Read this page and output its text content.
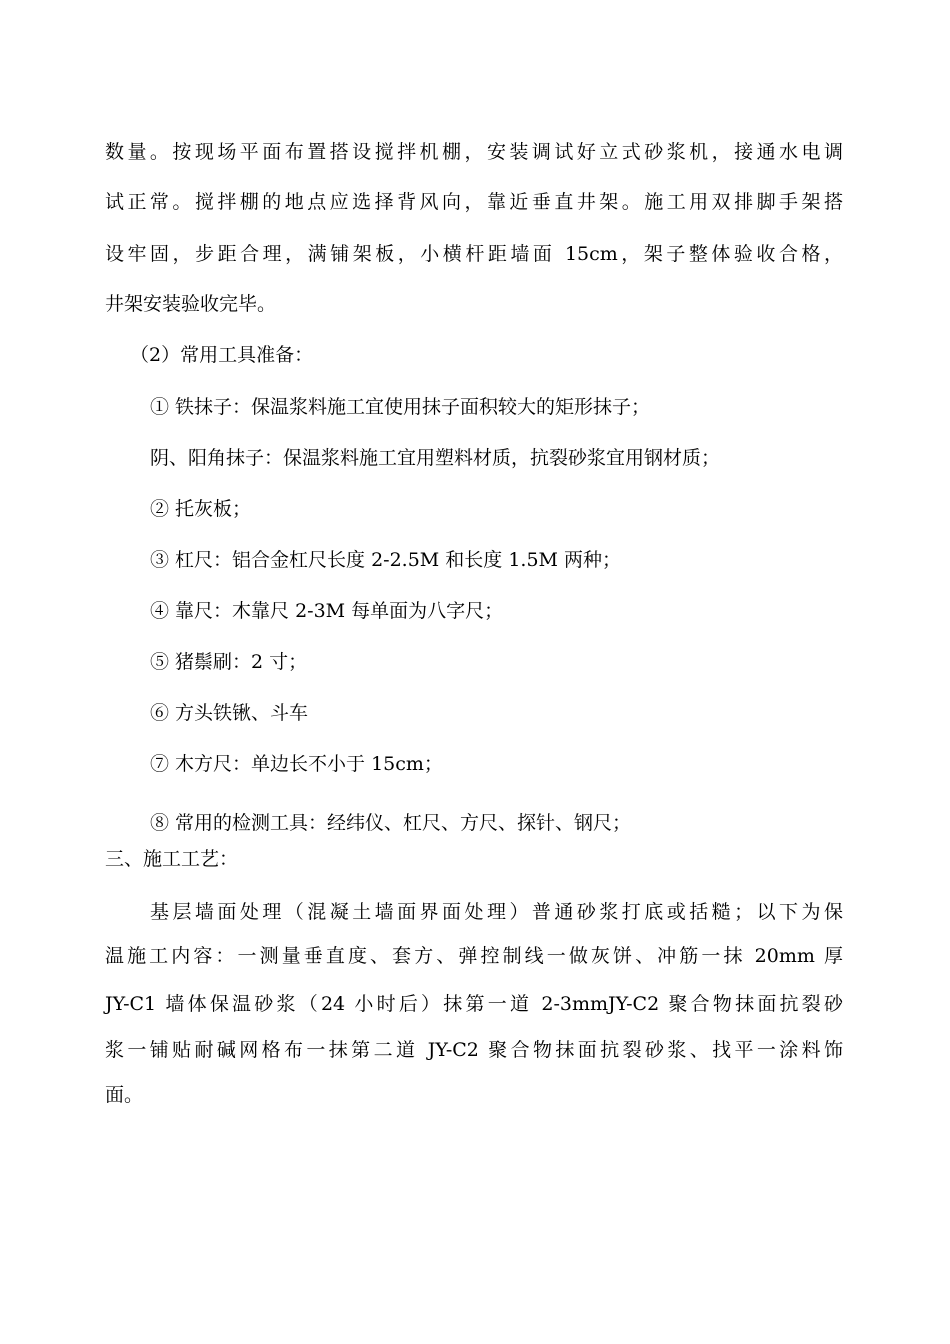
数量。按现场平面布置搭设搅拌机棚，安装调试好立式砂浆机，接通水电调

试正常。搅拌棚的地点应选择背风向，靠近垂直井架。施工用双排脚手架搭

设牢固，步距合理，满铺架板，小横杆距墙面 15cm，架子整体验收合格，

井架安装验收完毕。

（2）常用工具准备：

① 铁抹子：保温浆料施工宜使用抹子面积较大的矩形抹子；

阴、阳角抹子：保温浆料施工宜用塑料材质，抗裂砂浆宜用钢材质；

② 托灰板；

③ 杠尺：铝合金杠尺长度 2-2.5M 和长度 1.5M 两种；

④ 靠尺：木靠尺 2-3M 每单面为八字尺；

⑤ 猪鬃刷：2 寸；

⑥ 方头铁锹、斗车

⑦ 木方尺：单边长不小于 15cm；

⑧ 常用的检测工具：经纬仪、杠尺、方尺、探针、钢尺；

三、施工工艺：

基层墙面处理（混凝土墙面界面处理）普通砂浆打底或括糙；以下为保

温施工内容：一测量垂直度、套方、弹控制线一做灰饼、冲筋一抹 20mm 厚

JY-C1 墙体保温砂浆（24 小时后）抹第一道 2-3mmJY-C2 聚合物抹面抗裂砂

浆一铺贴耐碱网格布一抹第二道 JY-C2 聚合物抹面抗裂砂浆、找平一涂料饰

面。
